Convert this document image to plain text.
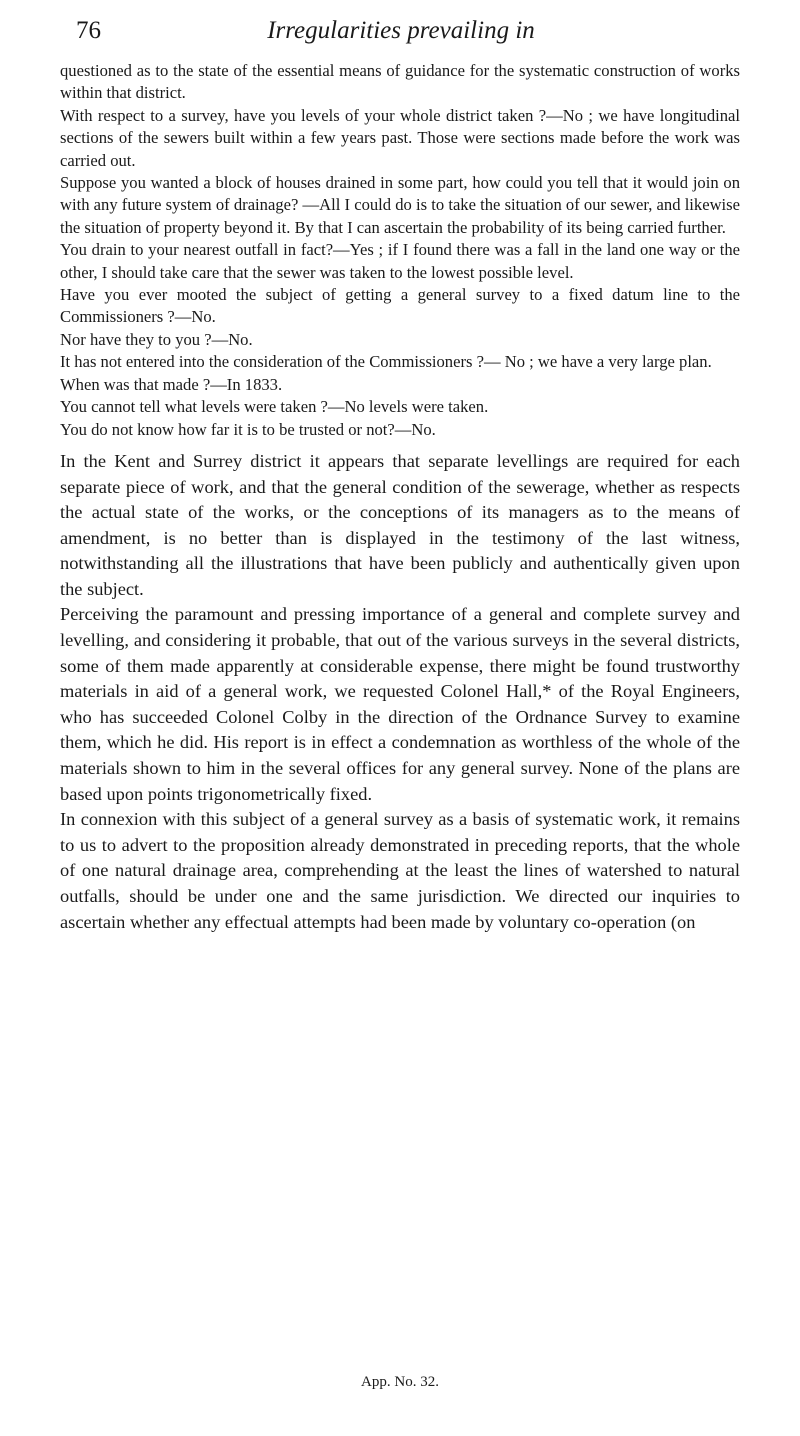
76	Irregularities prevailing in

questioned as to the state of the essential means of guidance for the systematic construction of works within that district.

With respect to a survey, have you levels of your whole district taken ?—No ; we have longitudinal sections of the sewers built within a few years past. Those were sections made before the work was carried out.

Suppose you wanted a block of houses drained in some part, how could you tell that it would join on with any future system of drainage? —All I could do is to take the situation of our sewer, and likewise the situation of property beyond it. By that I can ascertain the probability of its being carried further.

You drain to your nearest outfall in fact?—Yes ; if I found there was a fall in the land one way or the other, I should take care that the sewer was taken to the lowest possible level.

Have you ever mooted the subject of getting a general survey to a fixed datum line to the Commissioners ?—No.

Nor have they to you ?—No.

It has not entered into the consideration of the Commissioners ?— No ; we have a very large plan.

When was that made ?—In 1833.

You cannot tell what levels were taken ?—No levels were taken.

You do not know how far it is to be trusted or not?—No.

In the Kent and Surrey district it appears that separate levellings are required for each separate piece of work, and that the general condition of the sewerage, whether as respects the actual state of the works, or the conceptions of its managers as to the means of amendment, is no better than is displayed in the testimony of the last witness, notwithstanding all the illustrations that have been publicly and authentically given upon the subject.

Perceiving the paramount and pressing importance of a general and complete survey and levelling, and considering it probable, that out of the various surveys in the several districts, some of them made apparently at considerable expense, there might be found trustworthy materials in aid of a general work, we requested Colonel Hall,* of the Royal Engineers, who has succeeded Colonel Colby in the direction of the Ordnance Survey to examine them, which he did. His report is in effect a condemnation as worthless of the whole of the materials shown to him in the several offices for any general survey. None of the plans are based upon points trigonometrically fixed.

In connexion with this subject of a general survey as a basis of systematic work, it remains to us to advert to the proposition already demonstrated in preceding reports, that the whole of one natural drainage area, comprehending at the least the lines of watershed to natural outfalls, should be under one and the same jurisdiction. We directed our inquiries to ascertain whether any effectual attempts had been made by voluntary co-operation (on

App. No. 32.
